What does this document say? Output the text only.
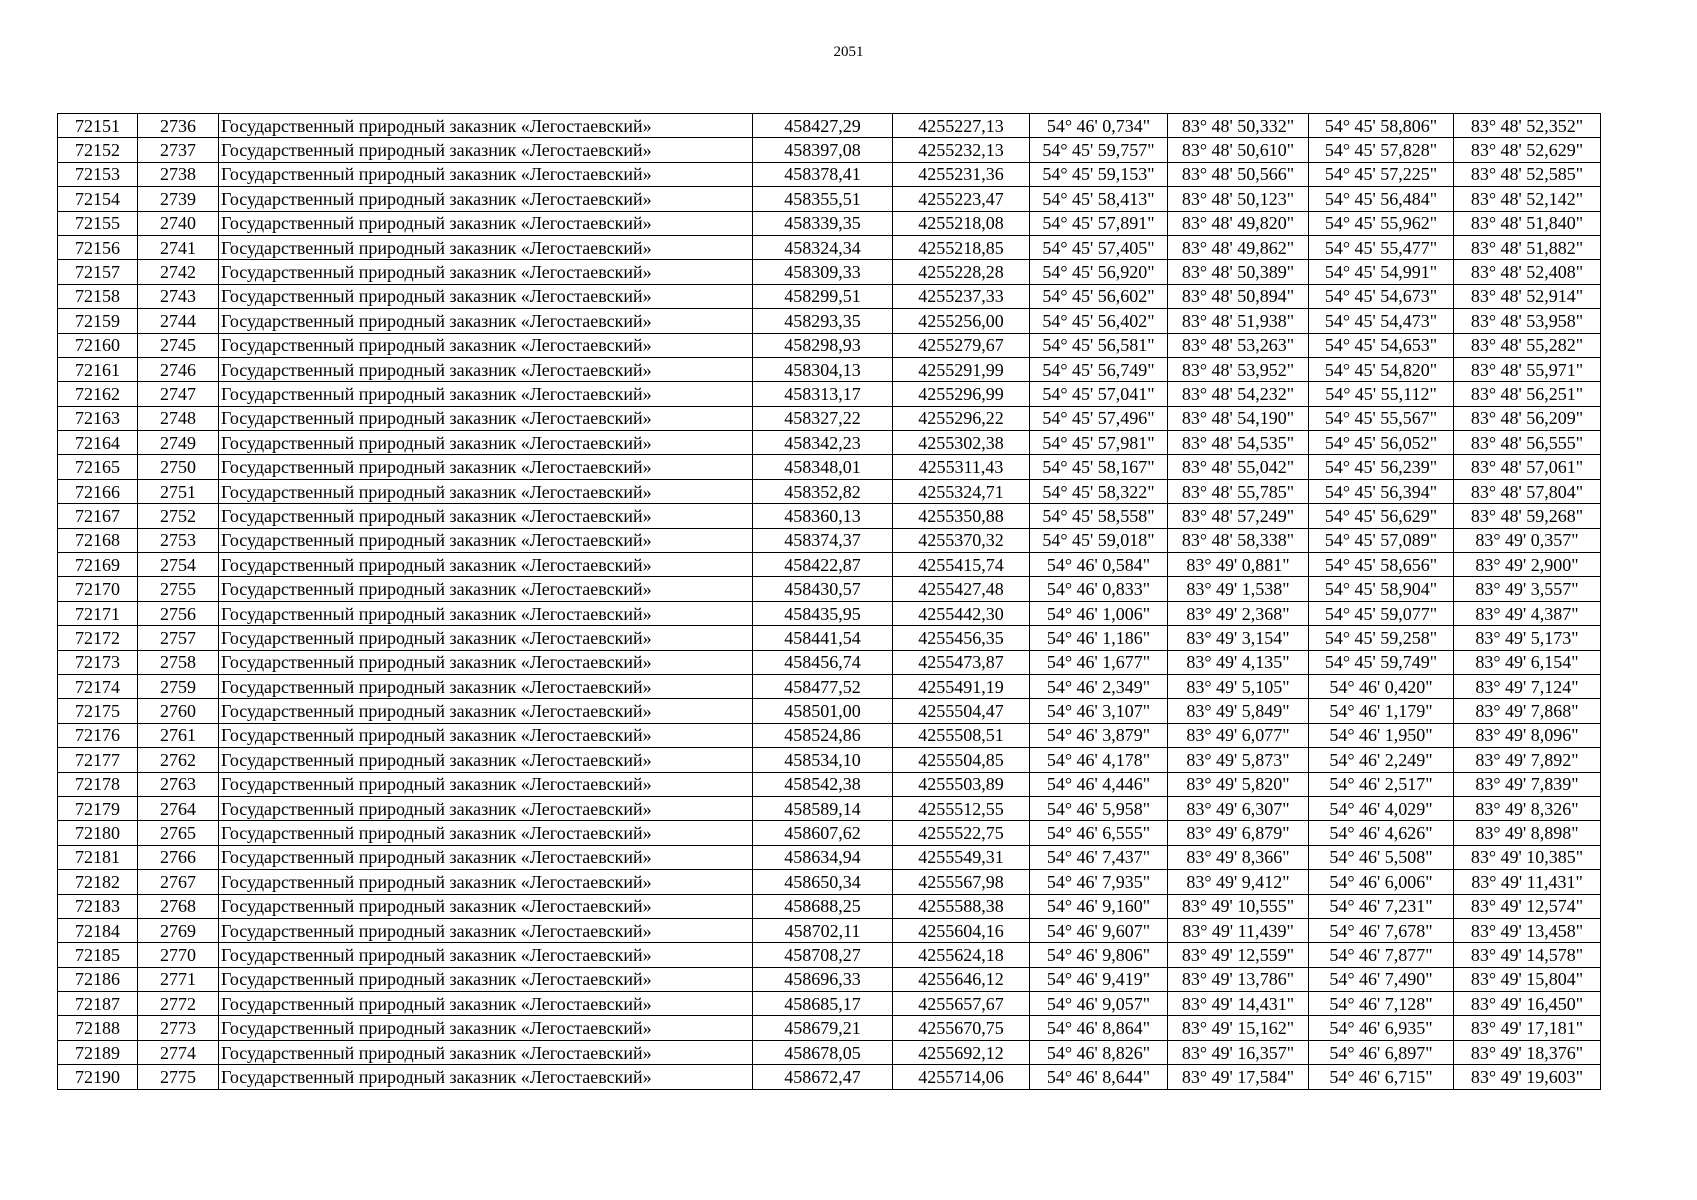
2051
72151	2736	Государственный природный заказник «Легостаевский»	458427,29	4255227,13	54° 46' 0,734"	83° 48' 50,332"	54° 45' 58,806"	83° 48' 52,352"
72152	2737	Государственный природный заказник «Легостаевский»	458397,08	4255232,13	54° 45' 59,757"	83° 48' 50,610"	54° 45' 57,828"	83° 48' 52,629"
72153	2738	Государственный природный заказник «Легостаевский»	458378,41	4255231,36	54° 45' 59,153"	83° 48' 50,566"	54° 45' 57,225"	83° 48' 52,585"
72154	2739	Государственный природный заказник «Легостаевский»	458355,51	4255223,47	54° 45' 58,413"	83° 48' 50,123"	54° 45' 56,484"	83° 48' 52,142"
72155	2740	Государственный природный заказник «Легостаевский»	458339,35	4255218,08	54° 45' 57,891"	83° 48' 49,820"	54° 45' 55,962"	83° 48' 51,840"
72156	2741	Государственный природный заказник «Легостаевский»	458324,34	4255218,85	54° 45' 57,405"	83° 48' 49,862"	54° 45' 55,477"	83° 48' 51,882"
72157	2742	Государственный природный заказник «Легостаевский»	458309,33	4255228,28	54° 45' 56,920"	83° 48' 50,389"	54° 45' 54,991"	83° 48' 52,408"
72158	2743	Государственный природный заказник «Легостаевский»	458299,51	4255237,33	54° 45' 56,602"	83° 48' 50,894"	54° 45' 54,673"	83° 48' 52,914"
72159	2744	Государственный природный заказник «Легостаевский»	458293,35	4255256,00	54° 45' 56,402"	83° 48' 51,938"	54° 45' 54,473"	83° 48' 53,958"
72160	2745	Государственный природный заказник «Легостаевский»	458298,93	4255279,67	54° 45' 56,581"	83° 48' 53,263"	54° 45' 54,653"	83° 48' 55,282"
72161	2746	Государственный природный заказник «Легостаевский»	458304,13	4255291,99	54° 45' 56,749"	83° 48' 53,952"	54° 45' 54,820"	83° 48' 55,971"
72162	2747	Государственный природный заказник «Легостаевский»	458313,17	4255296,99	54° 45' 57,041"	83° 48' 54,232"	54° 45' 55,112"	83° 48' 56,251"
72163	2748	Государственный природный заказник «Легостаевский»	458327,22	4255296,22	54° 45' 57,496"	83° 48' 54,190"	54° 45' 55,567"	83° 48' 56,209"
72164	2749	Государственный природный заказник «Легостаевский»	458342,23	4255302,38	54° 45' 57,981"	83° 48' 54,535"	54° 45' 56,052"	83° 48' 56,555"
72165	2750	Государственный природный заказник «Легостаевский»	458348,01	4255311,43	54° 45' 58,167"	83° 48' 55,042"	54° 45' 56,239"	83° 48' 57,061"
72166	2751	Государственный природный заказник «Легостаевский»	458352,82	4255324,71	54° 45' 58,322"	83° 48' 55,785"	54° 45' 56,394"	83° 48' 57,804"
72167	2752	Государственный природный заказник «Легостаевский»	458360,13	4255350,88	54° 45' 58,558"	83° 48' 57,249"	54° 45' 56,629"	83° 48' 59,268"
72168	2753	Государственный природный заказник «Легостаевский»	458374,37	4255370,32	54° 45' 59,018"	83° 48' 58,338"	54° 45' 57,089"	83° 49' 0,357"
72169	2754	Государственный природный заказник «Легостаевский»	458422,87	4255415,74	54° 46' 0,584"	83° 49' 0,881"	54° 45' 58,656"	83° 49' 2,900"
72170	2755	Государственный природный заказник «Легостаевский»	458430,57	4255427,48	54° 46' 0,833"	83° 49' 1,538"	54° 45' 58,904"	83° 49' 3,557"
72171	2756	Государственный природный заказник «Легостаевский»	458435,95	4255442,30	54° 46' 1,006"	83° 49' 2,368"	54° 45' 59,077"	83° 49' 4,387"
72172	2757	Государственный природный заказник «Легостаевский»	458441,54	4255456,35	54° 46' 1,186"	83° 49' 3,154"	54° 45' 59,258"	83° 49' 5,173"
72173	2758	Государственный природный заказник «Легостаевский»	458456,74	4255473,87	54° 46' 1,677"	83° 49' 4,135"	54° 45' 59,749"	83° 49' 6,154"
72174	2759	Государственный природный заказник «Легостаевский»	458477,52	4255491,19	54° 46' 2,349"	83° 49' 5,105"	54° 46' 0,420"	83° 49' 7,124"
72175	2760	Государственный природный заказник «Легостаевский»	458501,00	4255504,47	54° 46' 3,107"	83° 49' 5,849"	54° 46' 1,179"	83° 49' 7,868"
72176	2761	Государственный природный заказник «Легостаевский»	458524,86	4255508,51	54° 46' 3,879"	83° 49' 6,077"	54° 46' 1,950"	83° 49' 8,096"
72177	2762	Государственный природный заказник «Легостаевский»	458534,10	4255504,85	54° 46' 4,178"	83° 49' 5,873"	54° 46' 2,249"	83° 49' 7,892"
72178	2763	Государственный природный заказник «Легостаевский»	458542,38	4255503,89	54° 46' 4,446"	83° 49' 5,820"	54° 46' 2,517"	83° 49' 7,839"
72179	2764	Государственный природный заказник «Легостаевский»	458589,14	4255512,55	54° 46' 5,958"	83° 49' 6,307"	54° 46' 4,029"	83° 49' 8,326"
72180	2765	Государственный природный заказник «Легостаевский»	458607,62	4255522,75	54° 46' 6,555"	83° 49' 6,879"	54° 46' 4,626"	83° 49' 8,898"
72181	2766	Государственный природный заказник «Легостаевский»	458634,94	4255549,31	54° 46' 7,437"	83° 49' 8,366"	54° 46' 5,508"	83° 49' 10,385"
72182	2767	Государственный природный заказник «Легостаевский»	458650,34	4255567,98	54° 46' 7,935"	83° 49' 9,412"	54° 46' 6,006"	83° 49' 11,431"
72183	2768	Государственный природный заказник «Легостаевский»	458688,25	4255588,38	54° 46' 9,160"	83° 49' 10,555"	54° 46' 7,231"	83° 49' 12,574"
72184	2769	Государственный природный заказник «Легостаевский»	458702,11	4255604,16	54° 46' 9,607"	83° 49' 11,439"	54° 46' 7,678"	83° 49' 13,458"
72185	2770	Государственный природный заказник «Легостаевский»	458708,27	4255624,18	54° 46' 9,806"	83° 49' 12,559"	54° 46' 7,877"	83° 49' 14,578"
72186	2771	Государственный природный заказник «Легостаевский»	458696,33	4255646,12	54° 46' 9,419"	83° 49' 13,786"	54° 46' 7,490"	83° 49' 15,804"
72187	2772	Государственный природный заказник «Легостаевский»	458685,17	4255657,67	54° 46' 9,057"	83° 49' 14,431"	54° 46' 7,128"	83° 49' 16,450"
72188	2773	Государственный природный заказник «Легостаевский»	458679,21	4255670,75	54° 46' 8,864"	83° 49' 15,162"	54° 46' 6,935"	83° 49' 17,181"
72189	2774	Государственный природный заказник «Легостаевский»	458678,05	4255692,12	54° 46' 8,826"	83° 49' 16,357"	54° 46' 6,897"	83° 49' 18,376"
72190	2775	Государственный природный заказник «Легостаевский»	458672,47	4255714,06	54° 46' 8,644"	83° 49' 17,584"	54° 46' 6,715"	83° 49' 19,603"
